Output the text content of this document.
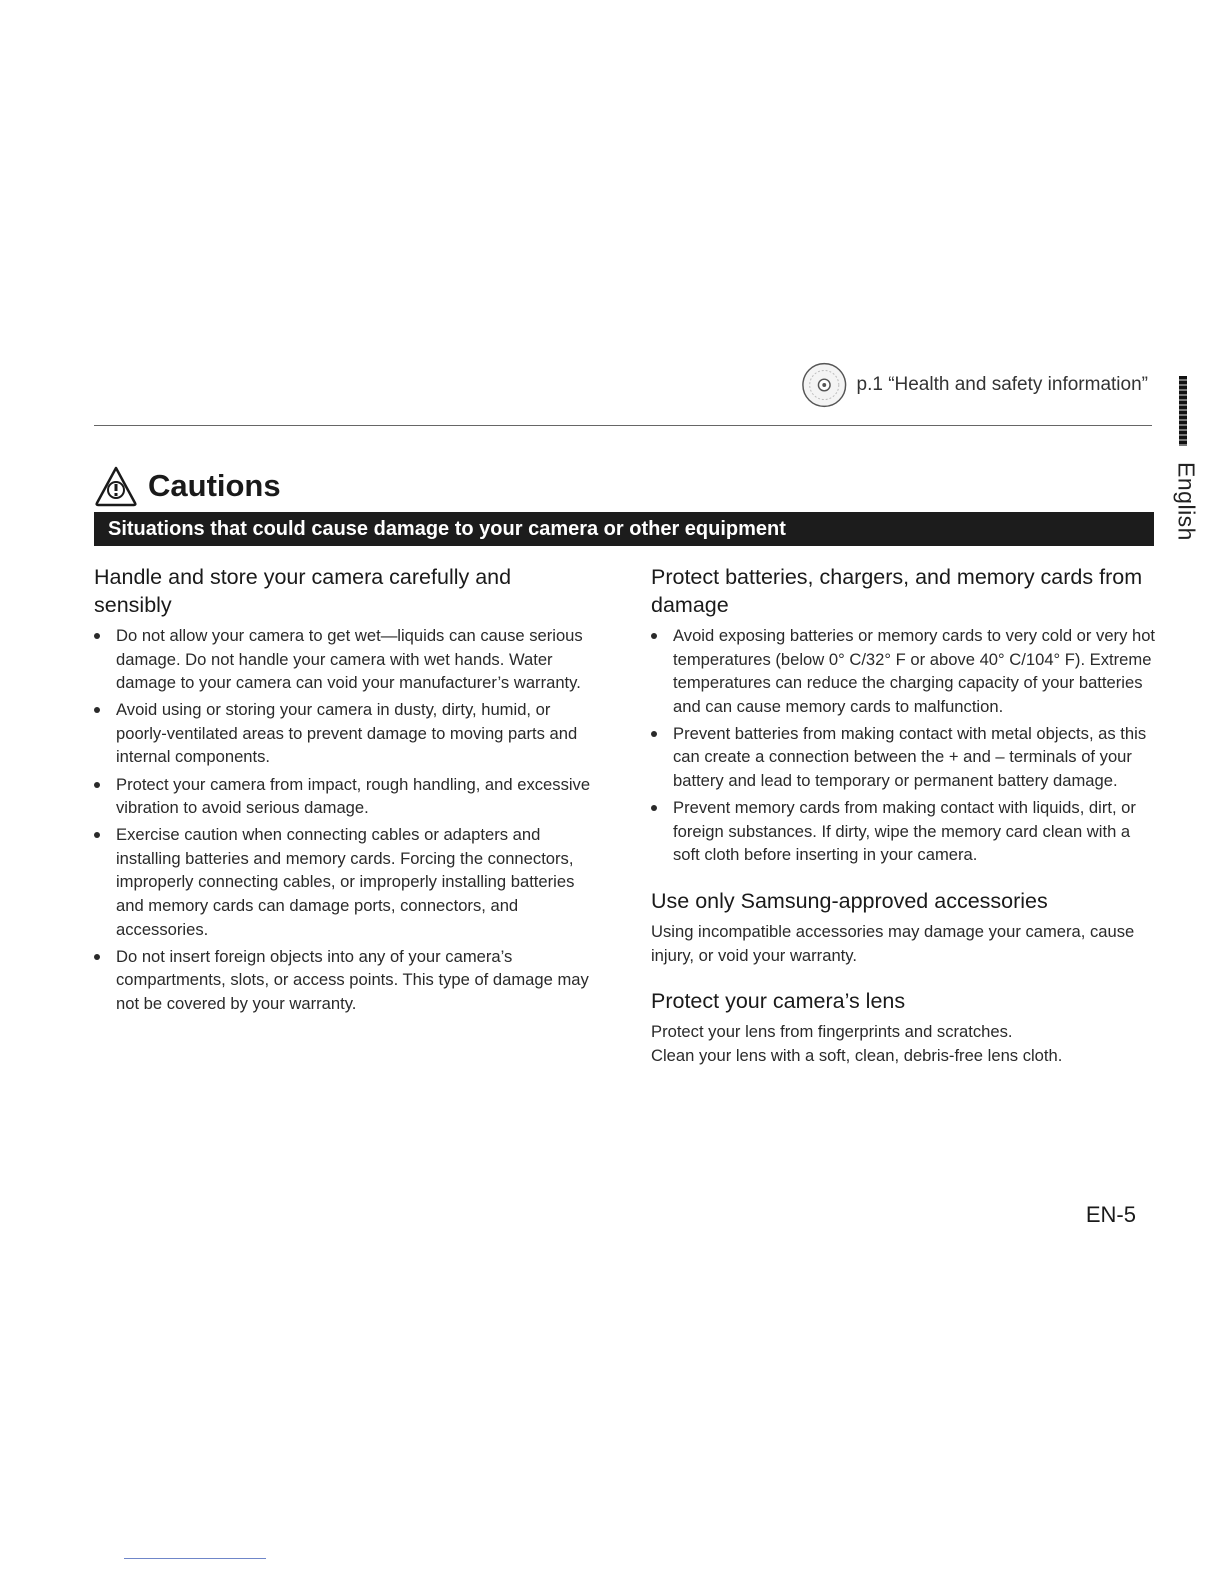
p.1 “Health and safety information”
English
Cautions
Situations that could cause damage to your camera or other equipment
Handle and store your camera carefully and sensibly
Do not allow your camera to get wet—liquids can cause serious damage. Do not handle your camera with wet hands. Water damage to your camera can void your manufacturer’s warranty.
Avoid using or storing your camera in dusty, dirty, humid, or poorly-ventilated areas to prevent damage to moving parts and internal components.
Protect your camera from impact, rough handling, and excessive vibration to avoid serious damage.
Exercise caution when connecting cables or adapters and installing batteries and memory cards. Forcing the connectors, improperly connecting cables, or improperly installing batteries and memory cards can damage ports, connectors, and accessories.
Do not insert foreign objects into any of your camera’s compartments, slots, or access points. This type of damage may not be covered by your warranty.
Protect batteries, chargers, and memory cards from damage
Avoid exposing batteries or memory cards to very cold or very hot temperatures (below 0° C/32° F or above 40° C/104° F). Extreme temperatures can reduce the charging capacity of your batteries and can cause memory cards to malfunction.
Prevent batteries from making contact with metal objects, as this can create a connection between the + and – terminals of your battery and lead to temporary or permanent battery damage.
Prevent memory cards from making contact with liquids, dirt, or foreign substances. If dirty, wipe the memory card clean with a soft cloth before inserting in your camera.
Use only Samsung-approved accessories

Using incompatible accessories may damage your camera, cause injury, or void your warranty.

Protect your camera’s lens

Protect your lens from fingerprints and scratches.

Clean your lens with a soft, clean, debris-free lens cloth.

EN-5
